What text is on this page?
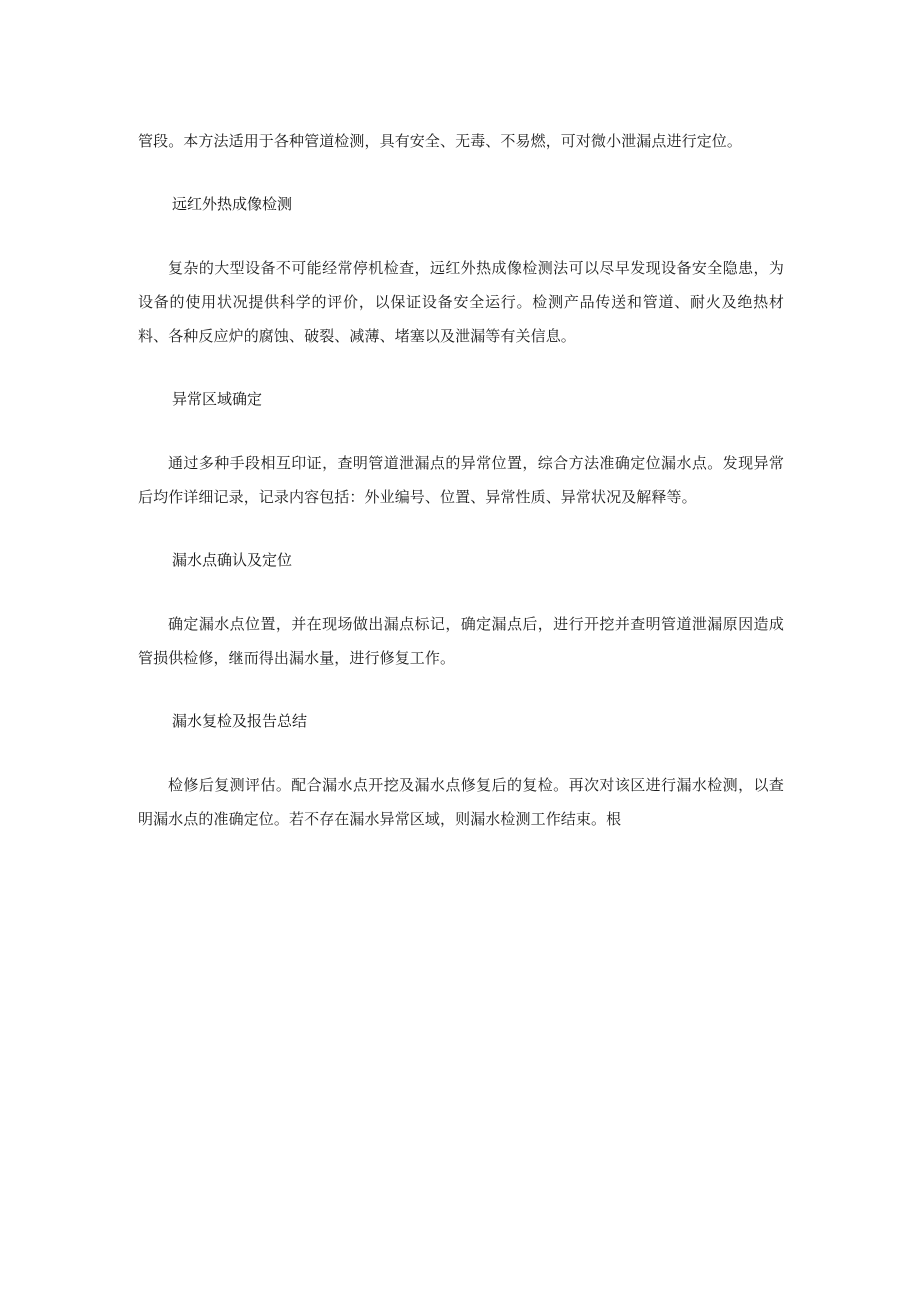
管段。本方法适用于各种管道检测，具有安全、无毒、不易燃，可对微小泄漏点进行定位。

远红外热成像检测

复杂的大型设备不可能经常停机检查，远红外热成像检测法可以尽早发现设备安全隐患，为设备的使用状况提供科学的评价，以保证设备安全运行。检测产品传送和管道、耐火及绝热材料、各种反应炉的腐蚀、破裂、减薄、堵塞以及泄漏等有关信息。

异常区域确定

通过多种手段相互印证，查明管道泄漏点的异常位置，综合方法准确定位漏水点。发现异常后均作详细记录，记录内容包括：外业编号、位置、异常性质、异常状况及解释等。

漏水点确认及定位

确定漏水点位置，并在现场做出漏点标记，确定漏点后，进行开挖并查明管道泄漏原因造成管损供检修，继而得出漏水量，进行修复工作。

漏水复检及报告总结

检修后复测评估。配合漏水点开挖及漏水点修复后的复检。再次对该区进行漏水检测，以查明漏水点的准确定位。若不存在漏水异常区域，则漏水检测工作结束。根
